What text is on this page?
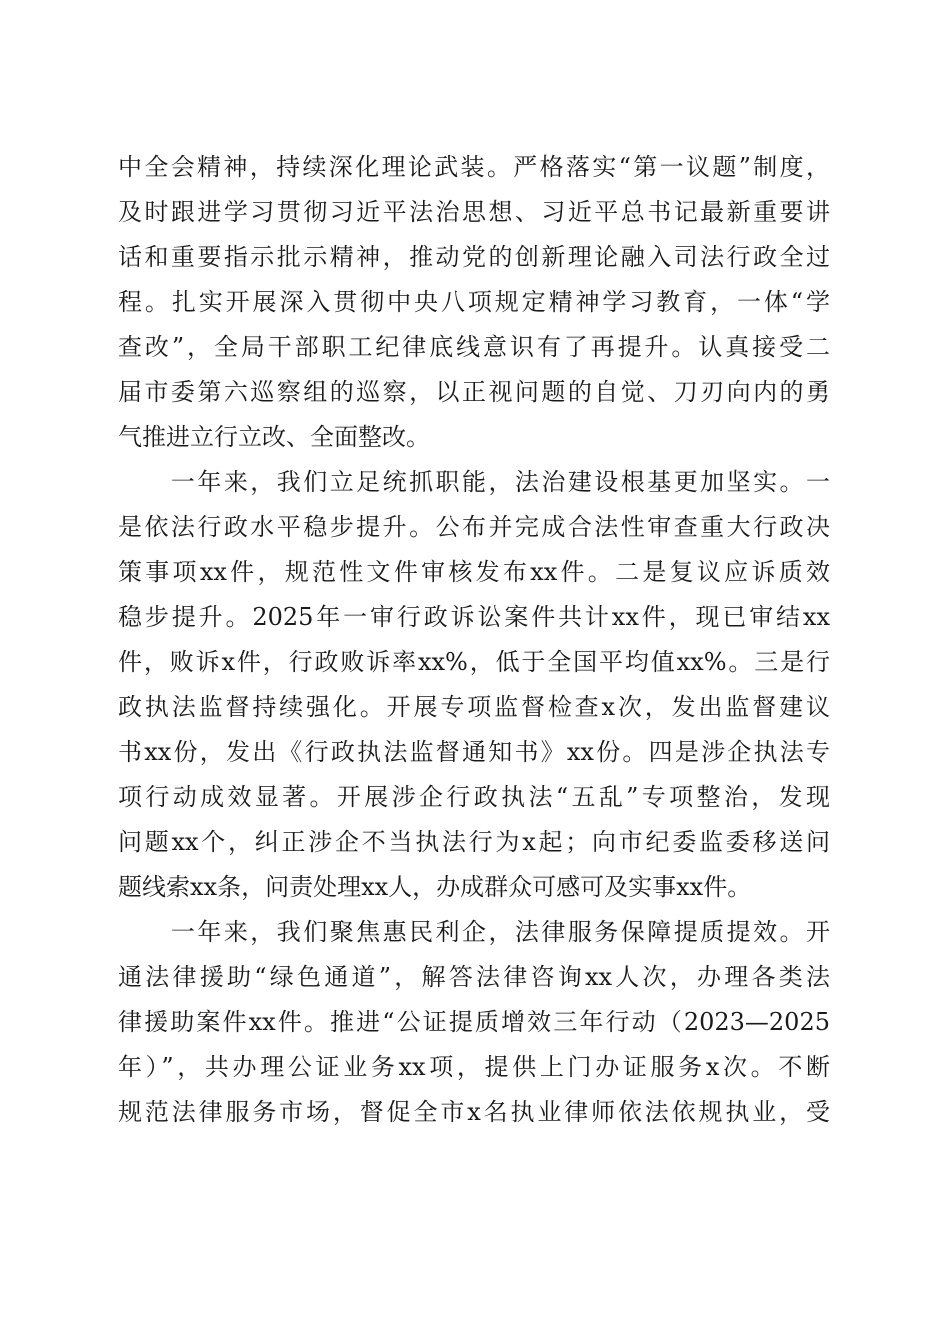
中全会精神，持续深化理论武装。严格落实“第一议题”制度，
及时跟进学习贯彻习近平法治思想、习近平总书记最新重要讲
话和重要指示批示精神，推动党的创新理论融入司法行政全过
程。扎实开展深入贯彻中央八项规定精神学习教育，一体“学
查改”，全局干部职工纪律底线意识有了再提升。认真接受二
届市委第六巡察组的巡察，以正视问题的自觉、刀刃向内的勇
气推进立行立改、全面整改。
　　一年来，我们立足统抓职能，法治建设根基更加坚实。一
是依法行政水平稳步提升。公布并完成合法性审查重大行政决
策事项xx件，规范性文件审核发布xx件。二是复议应诉质效
稳步提升。2025年一审行政诉讼案件共计xx件，现已审结xx
件，败诉x件，行政败诉率xx%，低于全国平均值xx%。三是行
政执法监督持续强化。开展专项监督检查x次，发出监督建议
书xx份，发出《行政执法监督通知书》xx份。四是涉企执法专
项行动成效显著。开展涉企行政执法“五乱”专项整治，发现
问题xx个，纠正涉企不当执法行为x起；向市纪委监委移送问
题线索xx条，问责处理xx人，办成群众可感可及实事xx件。
　　一年来，我们聚焦惠民利企，法律服务保障提质提效。开
通法律援助“绿色通道”，解答法律咨询xx人次，办理各类法
律援助案件xx件。推进“公证提质增效三年行动（2023—2025
年）”，共办理公证业务xx项，提供上门办证服务x次。不断
规范法律服务市场，督促全市x名执业律师依法依规执业，受
